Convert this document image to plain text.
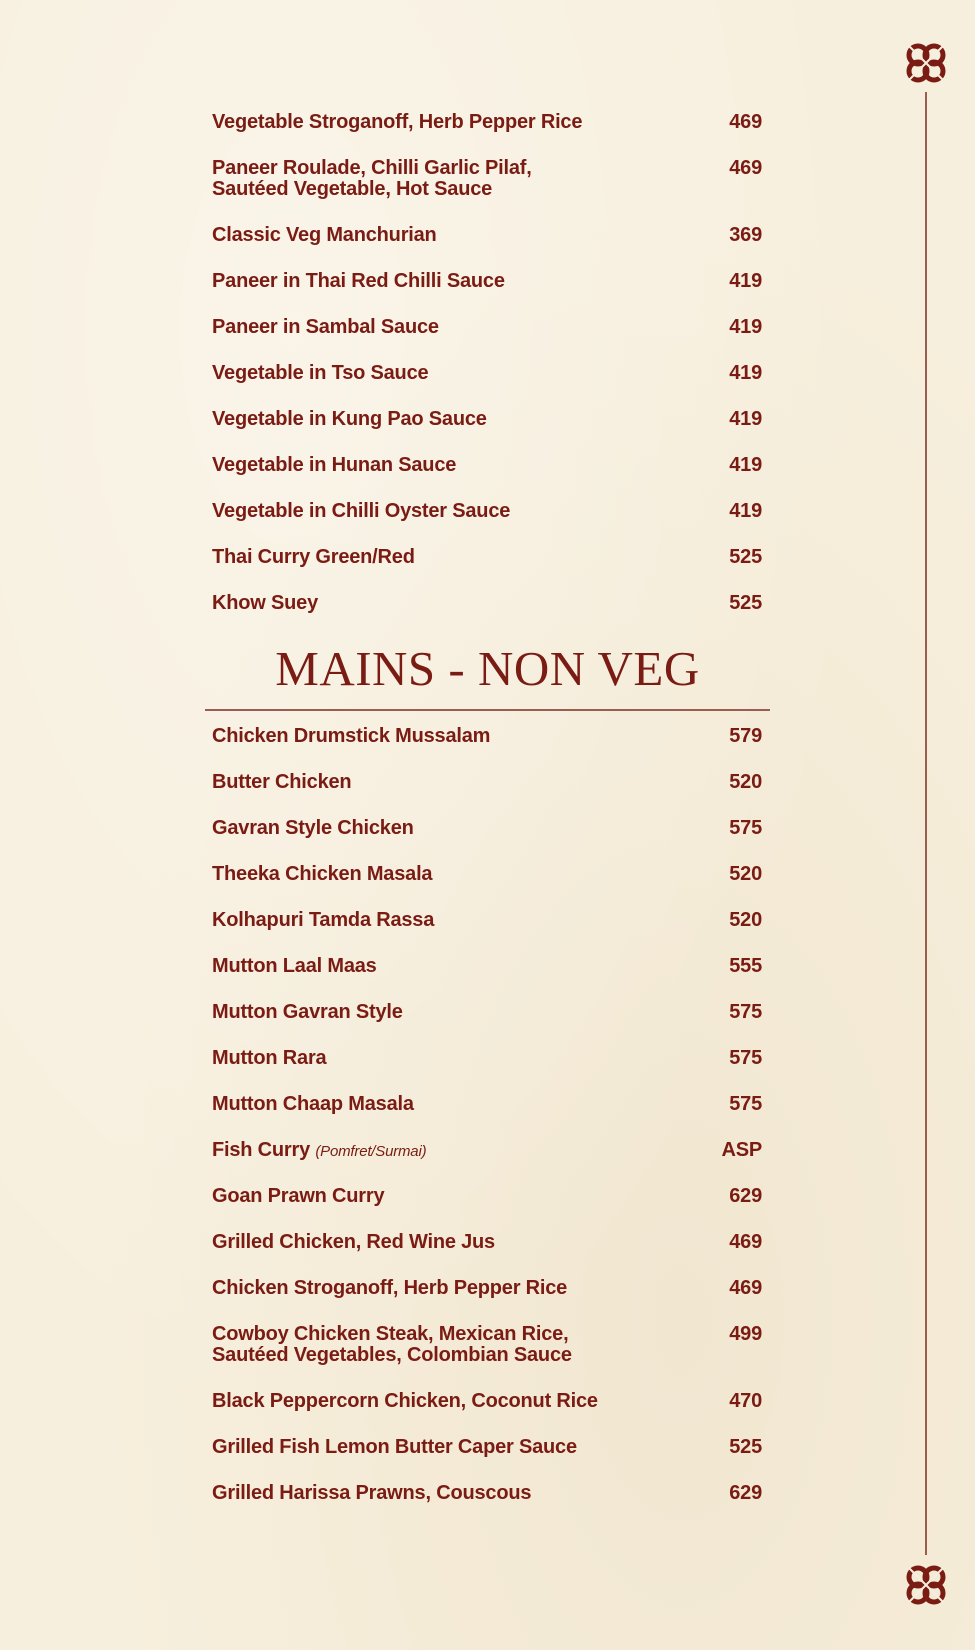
Vegetable Stroganoff, Herb Pepper Rice	469
Paneer Roulade, Chilli Garlic Pilaf,
Sautéed Vegetable, Hot Sauce
469
Classic Veg Manchurian	369
Paneer in Thai Red Chilli Sauce	419
Paneer in Sambal Sauce	419
Vegetable in Tso Sauce	419
Vegetable in Kung Pao Sauce	419
Vegetable in Hunan Sauce	419
Vegetable in Chilli Oyster Sauce	419
Thai Curry Green/Red	525
Khow Suey	525
MAINS - NON VEG
Chicken Drumstick Mussalam	579
Butter Chicken	520
Gavran Style Chicken	575
Theeka Chicken Masala	520
Kolhapuri Tamda Rassa	520
Mutton Laal Maas	555
Mutton Gavran Style	575
Mutton Rara	575
Mutton Chaap Masala	575
Fish Curry (Pomfret/Surmai)	ASP
Goan Prawn Curry	629
Grilled Chicken, Red Wine Jus	469
Chicken Stroganoff, Herb Pepper Rice	469
Cowboy Chicken Steak, Mexican Rice,
Sautéed Vegetables, Colombian Sauce
499
Black Peppercorn Chicken, Coconut Rice	470
Grilled Fish Lemon Butter Caper Sauce	525
Grilled Harissa Prawns, Couscous	629
